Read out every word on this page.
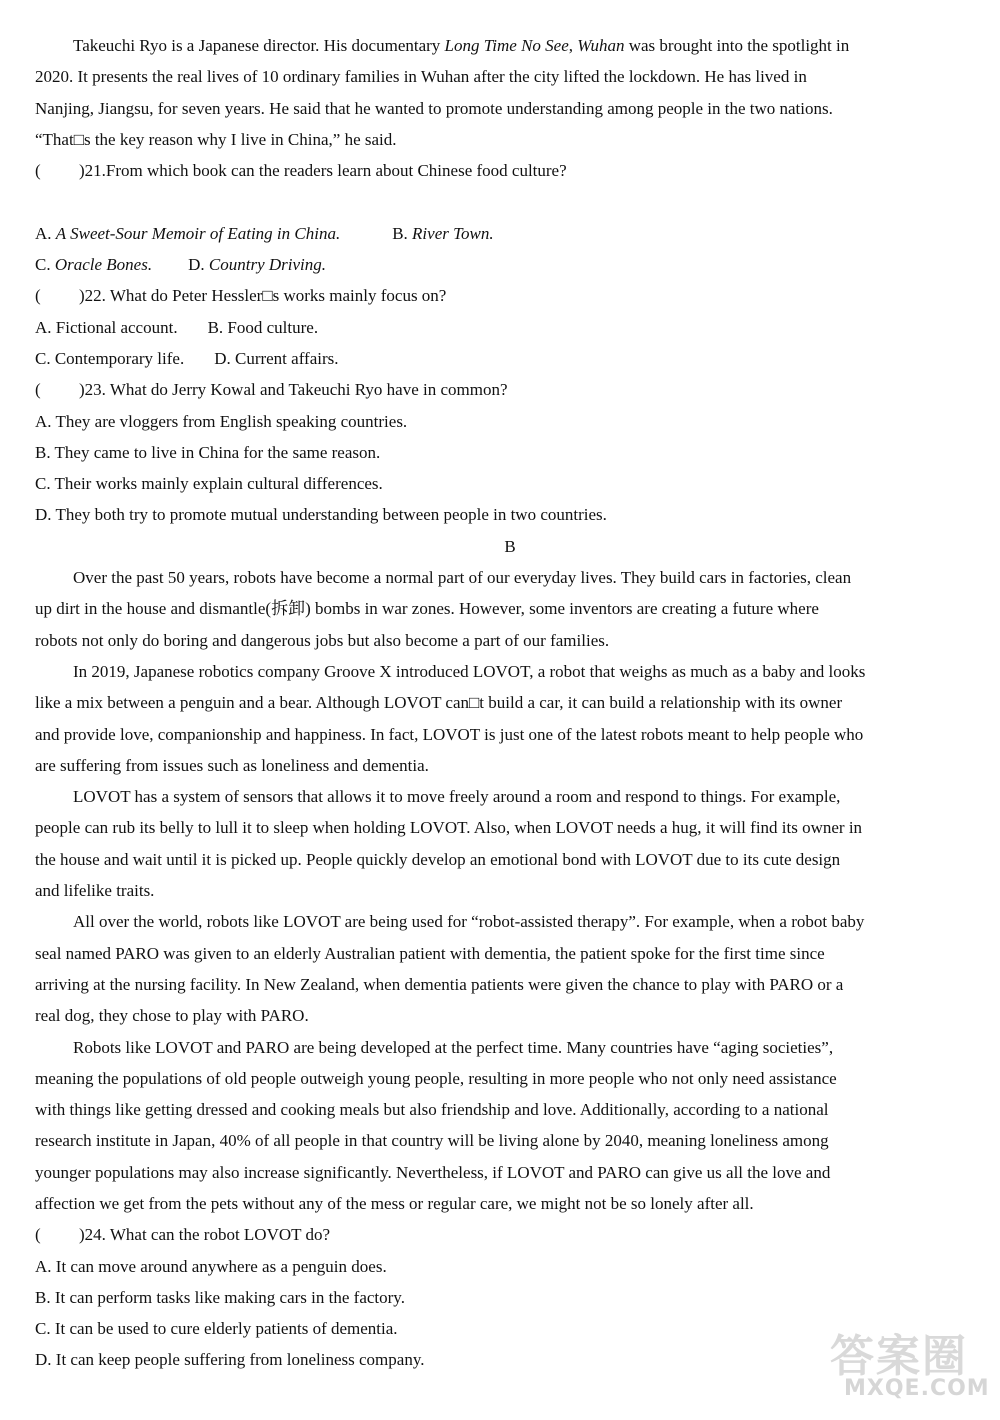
Takeuchi Ryo is a Japanese director. His documentary Long Time No See, Wuhan was brought into the spotlight in
2020. It presents the real lives of 10 ordinary families in Wuhan after the city lifted the lockdown. He has lived in
Nanjing, Jiangsu, for seven years. He said that he wanted to promote understanding among people in the two nations.
“That□s the key reason why I live in China,” he said.
( )21.From which book can the readers learn about Chinese food culture?
A. A Sweet-Sour Memoir of Eating in China.	B. River Town.
C. Oracle Bones. D. Country Driving.
( )22. What do Peter Hessler□s works mainly focus on?
A. Fictional account. B. Food culture.
C. Contemporary life. D. Current affairs.
( )23. What do Jerry Kowal and Takeuchi Ryo have in common?
A. They are vloggers from English speaking countries.
B. They came to live in China for the same reason.
C. Their works mainly explain cultural differences.
D. They both try to promote mutual understanding between people in two countries.
B
Over the past 50 years, robots have become a normal part of our everyday lives. They build cars in factories, clean
up dirt in the house and dismantle(拆卸) bombs in war zones. However, some inventors are creating a future where
robots not only do boring and dangerous jobs but also become a part of our families.
In 2019, Japanese robotics company Groove X introduced LOVOT, a robot that weighs as much as a baby and looks
like a mix between a penguin and a bear. Although LOVOT can□t build a car, it can build a relationship with its owner
and provide love, companionship and happiness. In fact, LOVOT is just one of the latest robots meant to help people who
are suffering from issues such as loneliness and dementia.
LOVOT has a system of sensors that allows it to move freely around a room and respond to things. For example,
people can rub its belly to lull it to sleep when holding LOVOT. Also, when LOVOT needs a hug, it will find its owner in
the house and wait until it is picked up. People quickly develop an emotional bond with LOVOT due to its cute design
and lifelike traits.
All over the world, robots like LOVOT are being used for “robot-assisted therapy”. For example, when a robot baby
seal named PARO was given to an elderly Australian patient with dementia, the patient spoke for the first time since
arriving at the nursing facility. In New Zealand, when dementia patients were given the chance to play with PARO or a
real dog, they chose to play with PARO.
Robots like LOVOT and PARO are being developed at the perfect time. Many countries have “aging societies”,
meaning the populations of old people outweigh young people, resulting in more people who not only need assistance
with things like getting dressed and cooking meals but also friendship and love. Additionally, according to a national
research institute in Japan, 40% of all people in that country will be living alone by 2040, meaning loneliness among
younger populations may also increase significantly. Nevertheless, if LOVOT and PARO can give us all the love and
affection we get from the pets without any of the mess or regular care, we might not be so lonely after all.
( )24. What can the robot LOVOT do?
A. It can move around anywhere as a penguin does.
B. It can perform tasks like making cars in the factory.
C. It can be used to cure elderly patients of dementia.
D. It can keep people suffering from loneliness company.	答案圈
MXQE.COM
